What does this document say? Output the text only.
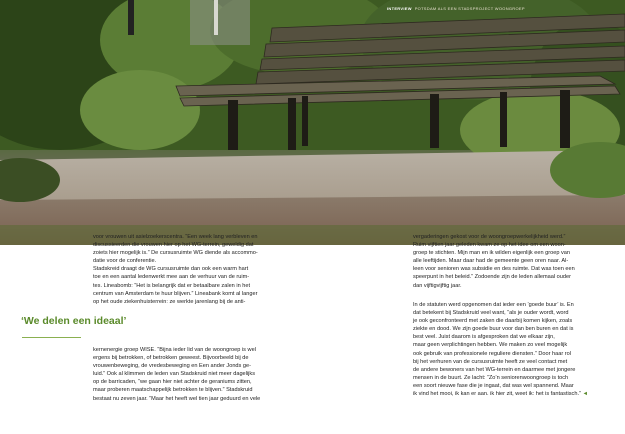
INTERVIEW POTSDAM ALS EEN STADSPROJECT WOONGROEP
voor vrouwen uit asielzoekerscentra. “Een week lang verbleven en
discussieerden die vrouwen hier op het WG-terrein, geweldig dat
zoiets hier mogelijk is.” De cursusruimte WG diende als accommo-
datie voor de conferentie.
Stadskreid draagt de WG cursusruimte dan ook een warm hart
toe en een aantal ledenwerkt mee aan de verhuur van de ruim-
tes. Lineabomb: “Het is belangrijk dat er betaalbare zalen in het
centrum van Amsterdam te huur blijven.” Lineabank komt al langer
op het oude ziekenhuisterrein: ze werkte jarenlang bij de anti-
‘We delen een ideaal’
kernenergie groep WISE. “Bijna ieder lid van de woongroep is wel
ergens bij betrokken, of betrokken geweest. Bijvoorbeeld bij de
vrouwenbeweging, de vredesbeweging en Een ander Jonds ge-
luid.” Ook al klimmen de leden van Stadskruid niet meer dagelijks
op de barricaden, “we gaan hier niet achter de geraniums zitten,
maar proberen maatschappelijk betrokken te blijven.” Stadskruid
bestaat nu zeven jaar. “Maar het heeft wel tien jaar geduurd en vele
vergaderingen gekost voor de woongroepwerkelijkheid werd.”
Ruim vijftien jaar geleden kwam ze op het idee om een woon-
groep te stichten. Mijn man en ik wilden eigenlijk een groep van
alle leeftijden. Maar daar had de gemeente geen oren naar. Al-
leen voor senioren was subsidie en des ruimte. Dat was toen een
speerpunt in het beleid.” Zodoende zijn de leden allemaal ouder
dan vijftigvijftig jaar.
In de statuten werd opgenomen dat ieder een ‘goede buur’ is. En
dat betekent bij Stadskruid veel want, “als je ouder wordt, word
je ook geconfronteerd met zaken die daarbij komen kijken, zoals
ziekte en dood. We zijn goede buur voor dan ben buren en dat is
best veel. Juist daarom is afgesproken dat we elkaar zijn,
maar geen verplichtingen hebben. We maken zo veel mogelijk
ook gebruik van professionele reguliere diensten.” Door haar rol
bij het verhuren van de cursusruimte heeft ze veel contact met
de andere bewoners van het WG-terrein en daarmee met jongere
mensen in de buurt. Ze lacht: “Zo’n seniorenwoongroep is toch
een soort nieuwe fase die je ingaat, dat was wel spannend. Maar
ik vind het mooi, ik kan er aan. ik hier zit, weet ik: het is fantastisch.” ◄
